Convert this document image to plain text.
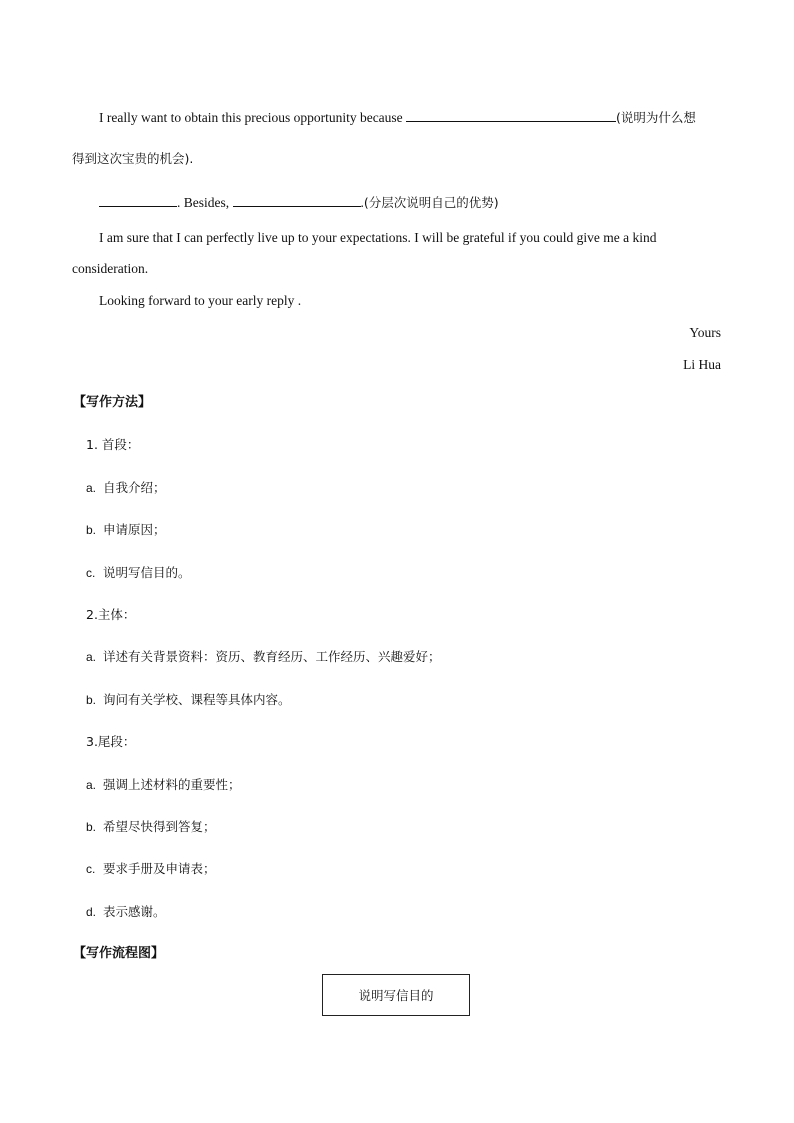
I really want to obtain this precious opportunity because	(说明为什么想
得到这次宝贵的机会).
. Besides,	.(分层次说明自己的优势)
I am sure that I can perfectly live up to your expectations. I will be grateful if you could give me a kind
consideration.
Looking forward to your early reply .
Yours
Li Hua
【写作方法】
1. 首段：
a. 自我介绍；
b. 申请原因；
c. 说明写信目的。
2.主体：
a. 详述有关背景资料：资历、教育经历、工作经历、兴趣爱好；
b. 询问有关学校、课程等具体内容。
3.尾段：
a. 强调上述材料的重要性；
b. 希望尽快得到答复；
c. 要求手册及申请表；
d. 表示感谢。
【写作流程图】
说明写信目的
